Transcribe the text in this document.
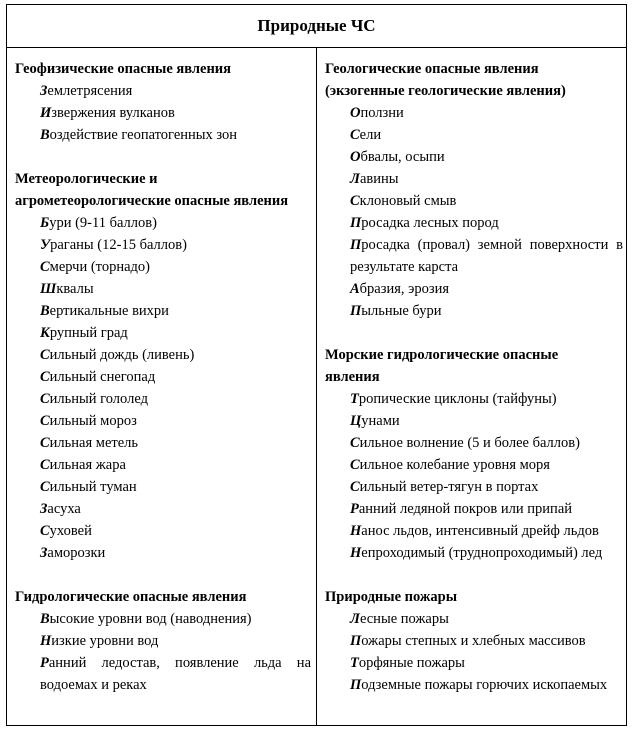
Природные ЧС
Геофизические опасные явления
Землетрясения
Извержения вулканов
Воздействие геопатогенных зон
Метеорологические и
агрометеорологические опасные явления
Бури (9-11 баллов)
Ураганы (12-15 баллов)
Смерчи (торнадо)
Шквалы
Вертикальные вихри
Крупный град
Сильный дождь (ливень)
Сильный снегопад
Сильный гололед
Сильный мороз
Сильная метель
Сильная жара
Сильный туман
Засуха
Суховей
Заморозки
Гидрологические опасные явления
Высокие уровни вод (наводнения)
Низкие уровни вод
Ранний ледостав, появление льда на водоемах и реках
Геологические опасные явления
(экзогенные геологические явления)
Оползни
Сели
Обвалы, осыпи
Лавины
Склоновый смыв
Просадка лесных пород
Просадка (провал) земной поверхности в результате карста
Абразия, эрозия
Пыльные бури
Морские гидрологические опасные
явления
Тропические циклоны (тайфуны)
Цунами
Сильное волнение (5 и более баллов)
Сильное колебание уровня моря
Сильный ветер-тягун в портах
Ранний ледяной покров или припай
Нанос льдов, интенсивный дрейф льдов
Непроходимый (труднопроходимый) лед
Природные пожары
Лесные пожары
Пожары степных и хлебных массивов
Торфяные пожары
Подземные пожары горючих ископаемых
